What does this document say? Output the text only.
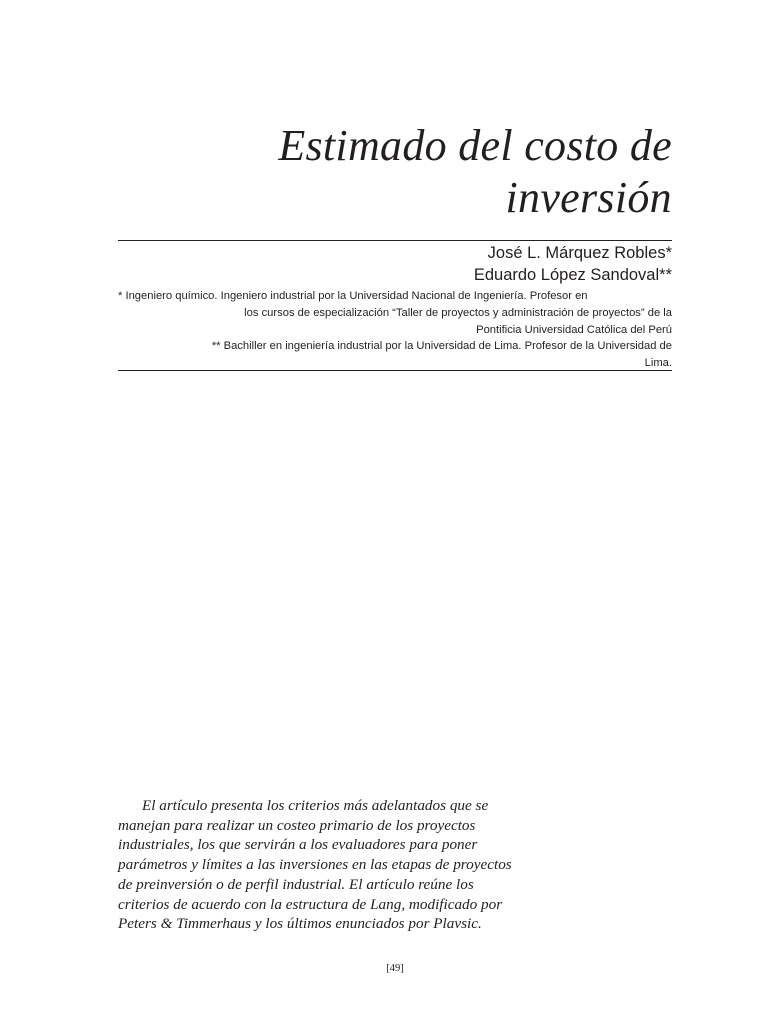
Estimado del costo de
inversión
José L. Márquez Robles*
Eduardo López Sandoval**
* Ingeniero químico. Ingeniero industrial por la Universidad Nacional de Ingeniería. Profesor en
los cursos de especialización “Taller de proyectos y administración de proyectos” de la
Pontificia Universidad Católica del Perú
** Bachiller en ingeniería industrial por la Universidad de Lima. Profesor de la Universidad de
Lima.
El artículo presenta los criterios más adelantados que se
manejan para realizar un costeo primario de los proyectos
industriales, los que servirán a los evaluadores para poner
parámetros y límites a las inversiones en las etapas de proyectos
de preinversión o de perfil industrial. El artículo reúne los
criterios de acuerdo con la estructura de Lang, modificado por
Peters & Timmerhaus y los últimos enunciados por Plavsic.
[49]
